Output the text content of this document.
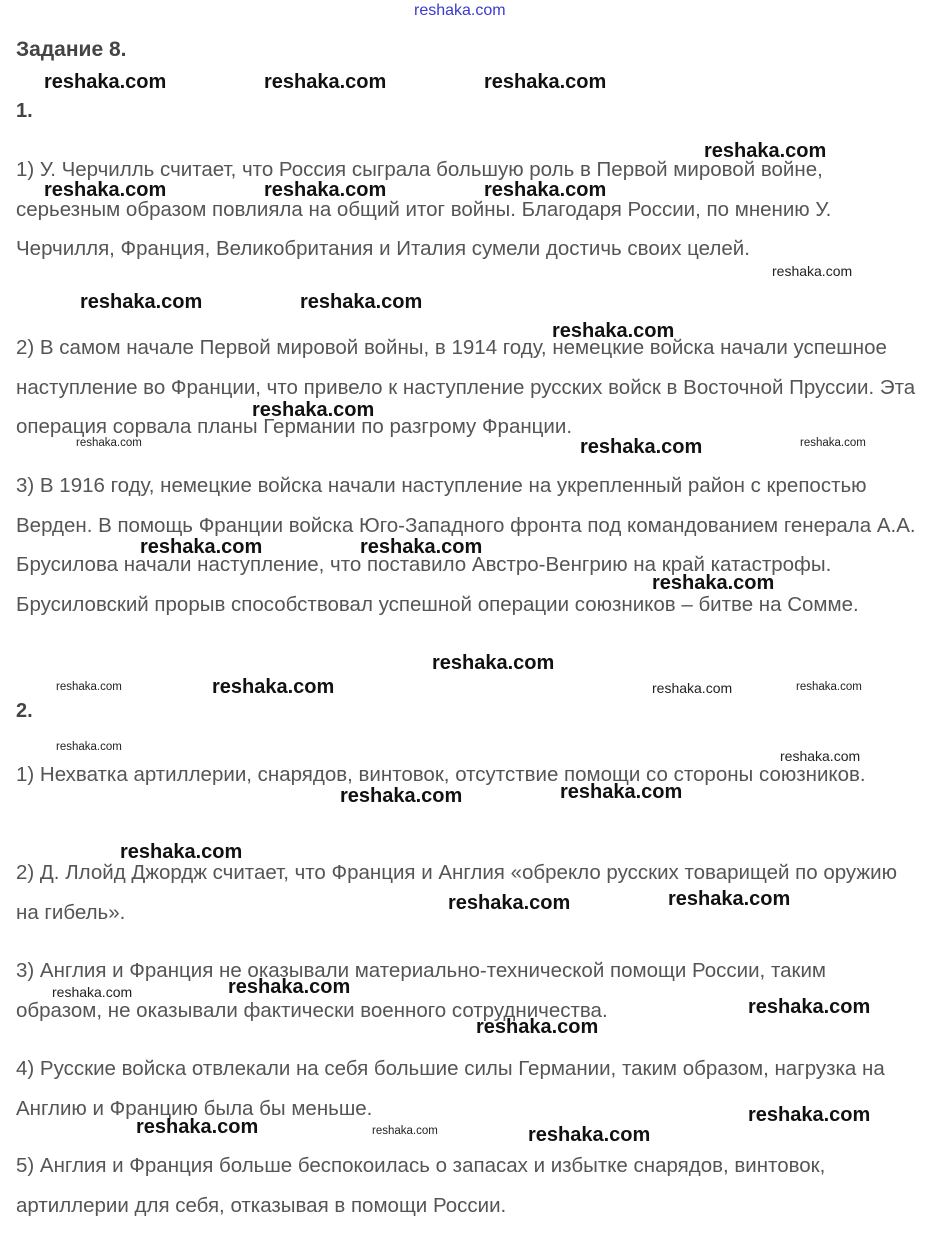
reshaka.com
Задание 8.
1.

1) У. Черчилль считает, что Россия сыграла большую роль в Первой мировой войне, серьезным образом повлияла на общий итог войны. Благодаря России, по мнению У. Черчилля, Франция, Великобритания и Италия сумели достичь своих целей.

2) В самом начале Первой мировой войны, в 1914 году, немецкие войска начали успешное наступление во Франции, что привело к наступление русских войск в Восточной Пруссии. Эта операция сорвала планы Германии по разгрому Франции.

3) В 1916 году, немецкие войска начали наступление на укрепленный район с крепостью Верден. В помощь Франции войска Юго-Западного фронта под командованием генерала А.А. Брусилова начали наступление, что поставило Австро-Венгрию на край катастрофы. Брусиловский прорыв способствовал успешной операции союзников – битве на Сомме.

2.

1) Нехватка артиллерии, снарядов, винтовок, отсутствие помощи со стороны союзников.

2) Д. Ллойд Джордж считает, что Франция и Англия «обрекло русских товарищей по оружию на гибель».

3) Англия и Франция не оказывали материально-технической помощи России, таким образом, не оказывали фактически военного сотрудничества.

4) Русские войска отвлекали на себя большие силы Германии, таким образом, нагрузка на Англию и Францию была бы меньше.

5) Англия и Франция больше беспокоилась о запасах и избытке снарядов, винтовок, артиллерии для себя, отказывая в помощи России.

reshaka.com	reshaka.com	reshaka.com
reshaka.com
reshaka.com	reshaka.com	reshaka.com
reshaka.com
reshaka.com	reshaka.com
reshaka.com
reshaka.com
reshaka.com	reshaka.com	reshaka.com
reshaka.com	reshaka.com
reshaka.com
reshaka.com
reshaka.com	reshaka.com	reshaka.com	reshaka.com
reshaka.com
reshaka.com
reshaka.com	reshaka.com
reshaka.com
reshaka.com	reshaka.com
reshaka.com
reshaka.com
reshaka.com
reshaka.com
reshaka.com
reshaka.com	reshaka.com	reshaka.com
